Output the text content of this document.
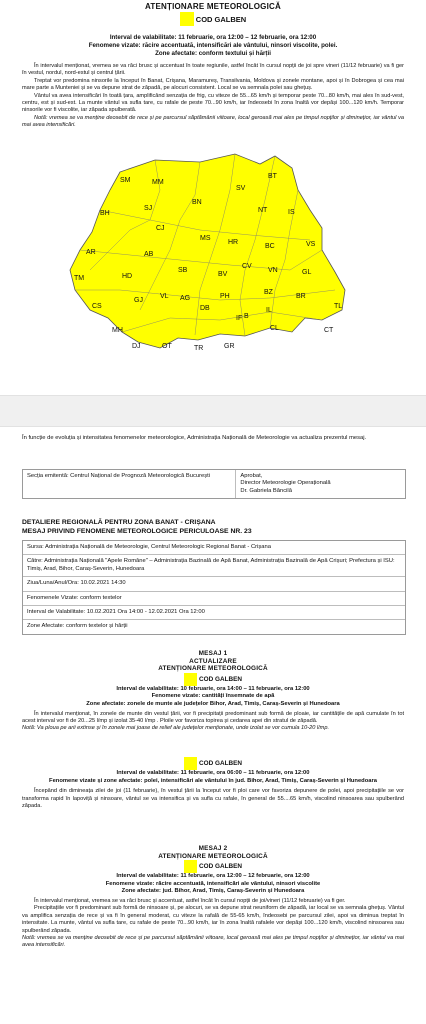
ATENȚIONARE METEOROLOGICĂ
COD GALBEN
Interval de valabilitate: 11 februarie, ora 12:00 – 12 februarie, ora 12:00
Fenomene vizate: răcire accentuată, intensificări ale vântului, ninsori viscolite, polei.
Zone afectate: conform textului și hărții
În intervalul menționat, vremea se va răci brusc și accentuat în toate regiunile, astfel încât în cursul nopții de joi spre vineri (11/12 februarie) va fi ger în vestul, nordul, nord-estul și centrul țării.
Treptat vor predomina ninsorile la început în Banat, Crișana, Maramureș, Transilvania, Moldova și zonele montane, apoi și în Dobrogea și cea mai mare parte a Munteniei și se va depune strat de zăpadă, pe alocuri consistent. Local se va semnala polei sau ghețuș.
Vântul va avea intensificări în toată țara, amplificând senzația de frig, cu viteze de 55...65 km/h și temporar peste 70...80 km/h, mai ales în sud-vest, centru, est și sud-est. La munte vântul va sufla tare, cu rafale de peste 70...90 km/h, iar îndeosebi în zona înaltă vor depăși 100...120 km/h. Temporar ninsorile vor fi viscolite, iar zăpada spulberată.
Notă: vremea se va menține deosebit de rece și pe parcursul săptămânii viitoare, local geroasă mai ales pe timpul nopților și diminețior, iar vântul va mai avea intensificări.
SM	MM
SV
BT
BH
SJ
BN
NT	IS
CJ
MS
HR
BC	VS
AR	AB
AG
SB
BV
CV
VN	GL
TM	HD
BZ
BR
TL
CS
GJ
VL	PH
MH
DB	IL
IF
CL	CT
DJ	OT	TR	GR
B
În funcție de evoluția și intensitatea fenomenelor meteorologice, Administrația Națională de Meteorologie va actualiza prezentul mesaj.
Secția emitentă: Centrul Național de Prognoză Meteorologică București	Aprobat,
Director Meteorologie Operațională
Dr. Gabriela Băncilă
DETALIERE REGIONALĂ PENTRU ZONA BANAT - CRIȘANA
MESAJ PRIVIND FENOMENE METEOROLOGICE PERICULOASE NR. 23
Sursa: Administrația Națională de Meteorologie, Centrul Meteorologic Regional Banat - Crișana
Către: Administrația Națională "Apele Române" – Administrația Bazinală de Apă Banat, Administrația Bazinală de Apă Crișuri; Prefectura și ISU: Timiș, Arad, Bihor, Caraș-Severin, Hunedoara
Ziua/Luna/Anul/Ora: 10.02.2021 14:30
Fenomenele Vizate: conform textelor
Interval de Valabilitate: 10.02.2021 Ora 14:00 - 12.02.2021 Ora 12:00
Zone Afectate: conform textelor și hărții
MESAJ 1
ACTUALIZARE
ATENȚIONARE METEOROLOGICĂ
COD GALBEN
Interval de valabilitate: 10 februarie, ora 14:00 – 11 februarie, ora 12:00
Fenomene vizate: cantități însemnate de apă
Zone afectate: zonele de munte ale județelor Bihor, Arad, Timiș, Caraș-Severin și Hunedoara
În intervalul menționat, în zonele de munte din vestul țării, vor fi precipitații predominant sub formă de ploaie, iar cantitățile de apă cumulate în tot acest interval vor fi de 20...25 l/mp și izolat 35-40 l/mp . Ploile vor favoriza topirea și cedarea apei din stratul de zăpadă.
Notă: Va ploua pe arii extinse și în zonele mai joase de relief ale județelor menționate, unde izolat se vor cumula 10-20 l/mp.
COD GALBEN
Interval de valabilitate: 11 februarie, ora 06:00 – 11 februarie, ora 12:00
Fenomene vizate și zone afectate: polei, intensificări ale vântului în jud. Bihor, Arad, Timiș, Caraș-Severin și Hunedoara
Începând din dimineața zilei de joi (11 februarie), în vestul țării la început vor fi ploi care vor favoriza depunere de polei, apoi precipitațiile se vor transforma rapid în lapoviță și ninsoare, vântul se va intensifica și va sufla cu rafale, în general de 55....65 km/h, viscolind ninsoarea sau spulberând zăpada.
MESAJ 2
ATENȚIONARE METEOROLOGICĂ
COD GALBEN
Interval de valabilitate: 11 februarie, ora 12:00 – 12 februarie, ora 12:00
Fenomene vizate: răcire accentuată, intensificări ale vântului, ninsori viscolite
Zone afectate: jud. Bihor, Arad, Timiș, Caraș-Severin și Hunedoara
În intervalul menționat, vremea se va răci brusc și accentuat, astfel încât în cursul nopții de joi/vineri (11/12 februarie) va fi ger.
Precipitațiile vor fi predominant sub formă de ninsoare și, pe alocuri, se va depune strat neuniform de zăpadă, iar local se va semnala ghețuș. Vântul va amplifica senzația de rece și va fi în general moderat, cu viteze la rafală de 55-65 km/h, îndeosebi pe parcursul zilei, apoi va diminua treptat în intensitate. La munte, vântul va sufla tare, cu rafale de peste 70...90 km/h, iar în zona înaltă rafalele vor depăși 100...120 km/h, viscolind ninsoarea sau spulberând zăpada.
Notă: vremea se va menține deosebit de rece și pe parcursul săptămânii viitoare, local geroasă mai ales pe timpul nopților și diminețior, iar vântul va mai avea intensificări.
